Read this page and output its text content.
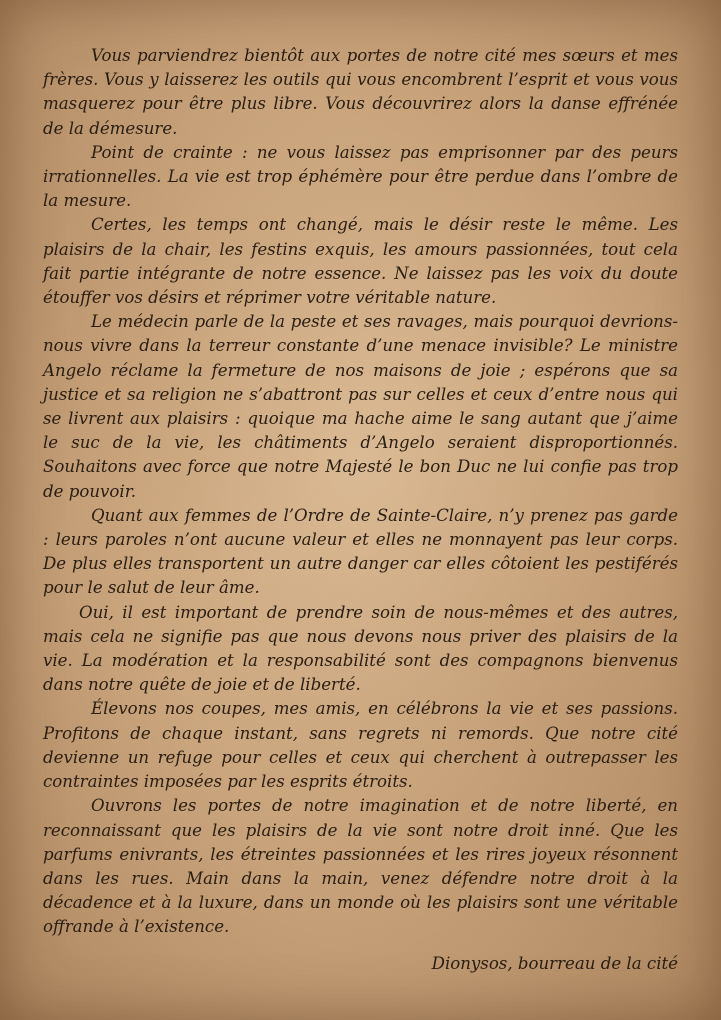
Vous parviendrez bientôt aux portes de notre cité mes sœurs et mes frères. Vous y laisserez les outils qui vous encombrent l’esprit et vous vous masquerez pour être plus libre. Vous découvrirez alors la danse effrénée de la démesure.

Point de crainte : ne vous laissez pas emprisonner par des peurs irrationnelles. La vie est trop éphémère pour être perdue dans l’ombre de la mesure.

Certes, les temps ont changé, mais le désir reste le même. Les plaisirs de la chair, les festins exquis, les amours passionnées, tout cela fait partie intégrante de notre essence. Ne laissez pas les voix du doute étouffer vos désirs et réprimer votre véritable nature.

Le médecin parle de la peste et ses ravages, mais pourquoi devrions-nous vivre dans la terreur constante d’une menace invisible? Le ministre Angelo réclame la fermeture de nos maisons de joie ; espérons que sa justice et sa religion ne s’abattront pas sur celles et ceux d’entre nous qui se livrent aux plaisirs : quoique ma hache aime le sang autant que j’aime le suc de la vie, les châtiments d’Angelo seraient disproportionnés. Souhaitons avec force que notre Majesté le bon Duc ne lui confie pas trop de pouvoir.

Quant aux femmes de l’Ordre de Sainte-Claire, n’y prenez pas garde : leurs paroles n’ont aucune valeur et elles ne monnayent pas leur corps. De plus elles transportent un autre danger car elles côtoient les pestiférés pour le salut de leur âme.

Oui, il est important de prendre soin de nous-mêmes et des autres, mais cela ne signifie pas que nous devons nous priver des plaisirs de la vie. La modération et la responsabilité sont des compagnons bienvenus dans notre quête de joie et de liberté.

Élevons nos coupes, mes amis, en célébrons la vie et ses passions. Profitons de chaque instant, sans regrets ni remords. Que notre cité devienne un refuge pour celles et ceux qui cherchent à outrepasser les contraintes imposées par les esprits étroits.

Ouvrons les portes de notre imagination et de notre liberté, en reconnaissant que les plaisirs de la vie sont notre droit inné. Que les parfums enivrants, les étreintes passionnées et les rires joyeux résonnent dans les rues. Main dans la main, venez défendre notre droit à la décadence et à la luxure, dans un monde où les plaisirs sont une véritable offrande à l’existence.

Dionysos, bourreau de la cité
